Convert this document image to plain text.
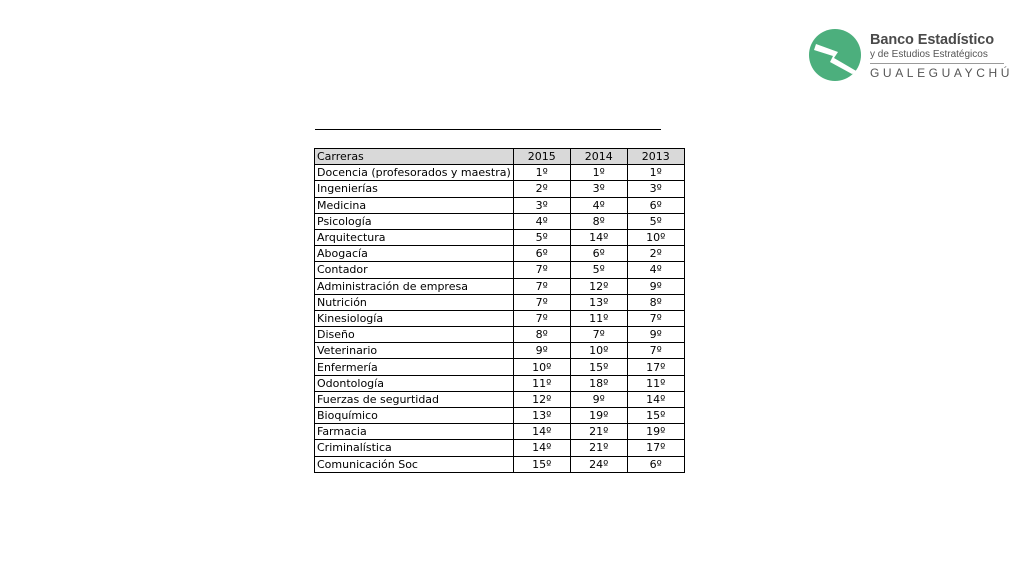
Banco Estadístico
y de Estudios Estratégicos
GUALEGUAYCHÚ
Carreras	2015	2014	2013
Docencia (profesorados y maestra)	1º	1º	1º
Ingenierías	2º	3º	3º
Medicina	3º	4º	6º
Psicología	4º	8º	5º
Arquitectura	5º	14º	10º
Abogacía	6º	6º	2º
Contador	7º	5º	4º
Administración de empresa	7º	12º	9º
Nutrición	7º	13º	8º
Kinesiología	7º	11º	7º
Diseño	8º	7º	9º
Veterinario	9º	10º	7º
Enfermería	10º	15º	17º
Odontología	11º	18º	11º
Fuerzas de segurtidad	12º	9º	14º
Bioquímico	13º	19º	15º
Farmacia	14º	21º	19º
Criminalística	14º	21º	17º
Comunicación Soc	15º	24º	6º
